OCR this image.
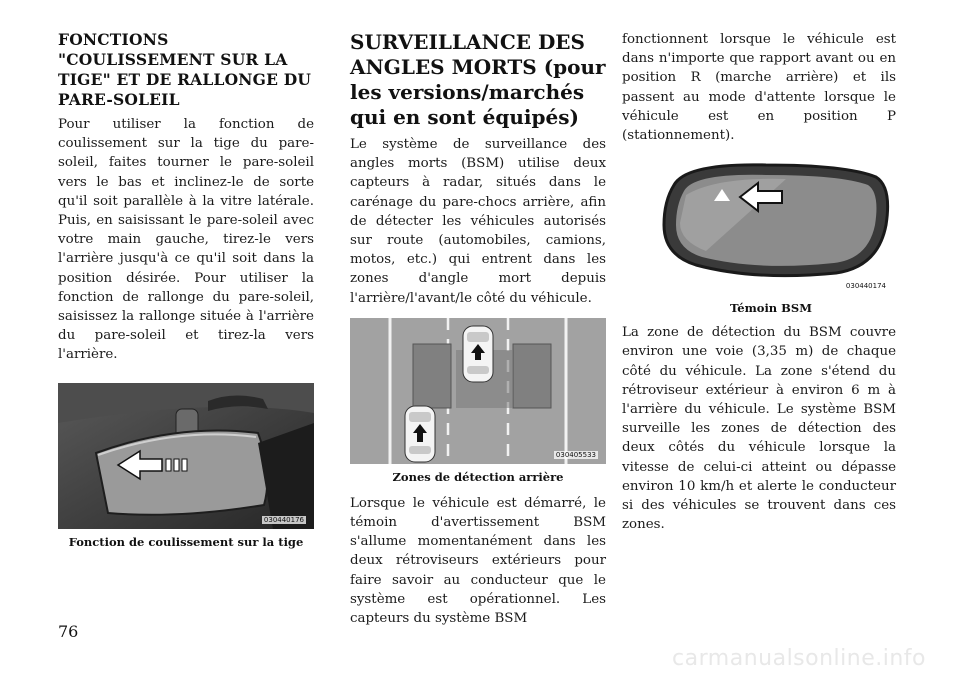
FONCTIONS "COULISSEMENT SUR LA TIGE" ET DE RALLONGE DU PARE-SOLEIL

Pour utiliser la fonction de coulissement sur la tige du pare-soleil, faites tourner le pare-soleil vers le bas et inclinez-le de sorte qu'il soit parallèle à la vitre latérale. Puis, en saisissant le pare-soleil avec votre main gauche, tirez-le vers l'arrière jusqu'à ce qu'il soit dans la position désirée. Pour utiliser la fonction de rallonge du pare-soleil, saisissez la rallonge située à l'arrière du pare-soleil et tirez-la vers l'arrière.

030440176
Fonction de coulissement sur la tige
SURVEILLANCE DES ANGLES MORTS (pour les versions/marchés qui en sont équipés)

Le système de surveillance des angles morts (BSM) utilise deux capteurs à radar, situés dans le carénage du pare-chocs arrière, afin de détecter les véhicules autorisés sur route (automobiles, camions, motos, etc.) qui entrent dans les zones d'angle mort depuis l'arrière/l'avant/le côté du véhicule.

030405533
Zones de détection arrière

Lorsque le véhicule est démarré, le témoin d'avertissement BSM s'allume momentanément dans les deux rétroviseurs extérieurs pour faire savoir au conducteur que le système est opérationnel. Les capteurs du système BSM

fonctionnent lorsque le véhicule est dans n'importe que rapport avant ou en position R (marche arrière) et ils passent au mode d'attente lorsque le véhicule est en position P (stationnement).

030440174
Témoin BSM

La zone de détection du BSM couvre environ une voie (3,35 m) de chaque côté du véhicule. La zone s'étend du rétroviseur extérieur à environ 6 m à l'arrière du véhicule. Le système BSM surveille les zones de détection des deux côtés du véhicule lorsque la vitesse de celui-ci atteint ou dépasse environ 10 km/h et alerte le conducteur si des véhicules se trouvent dans ces zones.

76
carmanualsonline.info
